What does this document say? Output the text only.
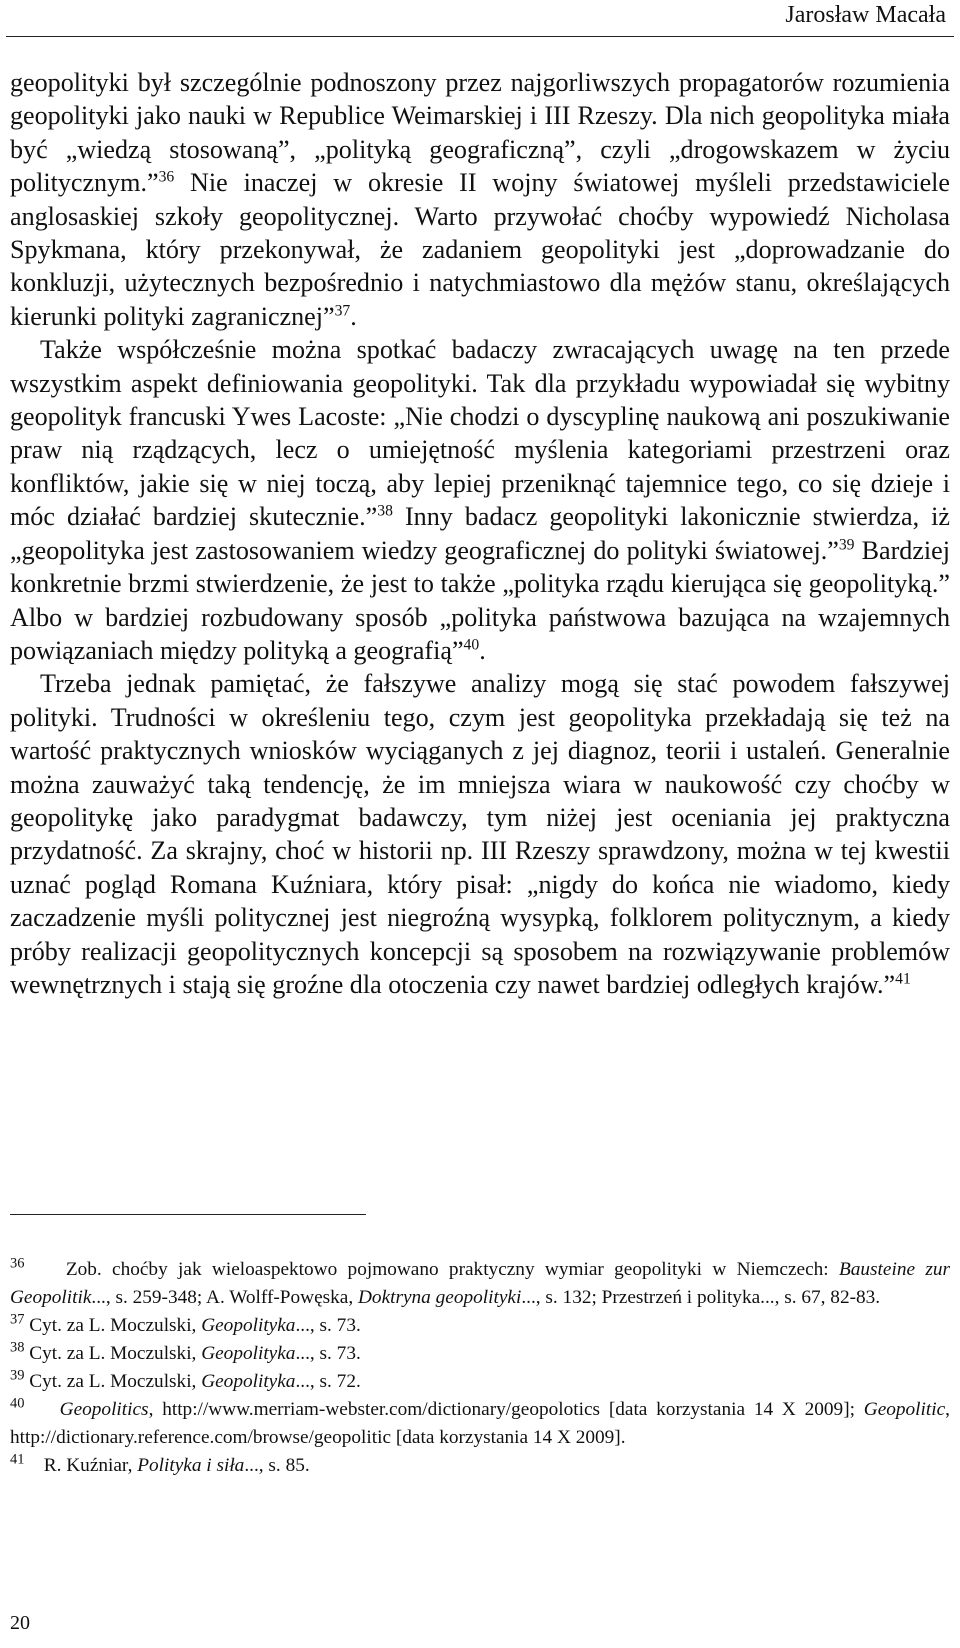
Jarosław Macała

geopolityki był szczególnie podnoszony przez najgorliwszych propagatorów rozumienia geopolityki jako nauki w Republice Weimarskiej i III Rzeszy. Dla nich geopolityka miała być „wiedzą stosowaną”, „polityką geograficzną”, czyli „drogowskazem w życiu politycznym.”$^{36}$ Nie inaczej w okresie II wojny światowej myśleli przedstawiciele anglosaskiej szkoły geopolitycznej. Warto przywołać choćby wypowiedź Nicholasa Spykmana, który przekonywał, że zadaniem geopolityki jest „doprowadzanie do konkluzji, użytecznych bezpośrednio i natychmiastowo dla mężów stanu, określających kierunki polityki zagranicznej”$^{37}$.

Także współcześnie można spotkać badaczy zwracających uwagę na ten przede wszystkim aspekt definiowania geopolityki. Tak dla przykładu wypowiadał się wybitny geopolityk francuski Ywes Lacoste: „Nie chodzi o dyscyplinę naukową ani poszukiwanie praw nią rządzących, lecz o umiejętność myślenia kategoriami przestrzeni oraz konfliktów, jakie się w niej toczą, aby lepiej przeniknąć tajemnice tego, co się dzieje i móc działać bardziej skutecznie.”$^{38}$ Inny badacz geopolityki lakonicznie stwierdza, iż „geopolityka jest zastosowaniem wiedzy geograficznej do polityki światowej.”$^{39}$ Bardziej konkretnie brzmi stwierdzenie, że jest to także „polityka rządu kierująca się geopolityką.” Albo w bardziej rozbudowany sposób „polityka państwowa bazująca na wzajemnych powiązaniach między polityką a geografią”$^{40}$.

Trzeba jednak pamiętać, że fałszywe analizy mogą się stać powodem fałszywej polityki. Trudności w określeniu tego, czym jest geopolityka przekładają się też na wartość praktycznych wniosków wyciąganych z jej diagnoz, teorii i ustaleń. Generalnie można zauważyć taką tendencję, że im mniejsza wiara w naukowość czy choćby w geopolitykę jako paradygmat badawczy, tym niżej jest oceniania jej praktyczna przydatność. Za skrajny, choć w historii np. III Rzeszy sprawdzony, można w tej kwestii uznać pogląd Romana Kuźniara, który pisał: „nigdy do końca nie wiadomo, kiedy zaczadzenie myśli politycznej jest niegroźną wysypką, folklorem politycznym, a kiedy próby realizacji geopolitycznych koncepcji są sposobem na rozwiązywanie problemów wewnętrznych i stają się groźne dla otoczenia czy nawet bardziej odległych krajów.”$^{41}$

$^{36}$ Zob. choćby jak wieloaspektowo pojmowano praktyczny wymiar geopolityki w Niemczech: Bausteine zur Geopolitik..., s. 259-348; A. Wolff-Powęska, Doktryna geopolityki..., s. 132; Przestrzeń i polityka..., s. 67, 82-83.

$^{37}$ Cyt. za L. Moczulski, Geopolityka..., s. 73.

$^{38}$ Cyt. za L. Moczulski, Geopolityka..., s. 73.

$^{39}$ Cyt. za L. Moczulski, Geopolityka..., s. 72.

$^{40}$ Geopolitics, http://www.merriam-webster.com/dictionary/geopolotics [data korzystania 14 X 2009]; Geopolitic, http://dictionary.reference.com/browse/geopolitic [data korzystania 14 X 2009].

$^{41}$ R. Kuźniar, Polityka i siła..., s. 85.

20
